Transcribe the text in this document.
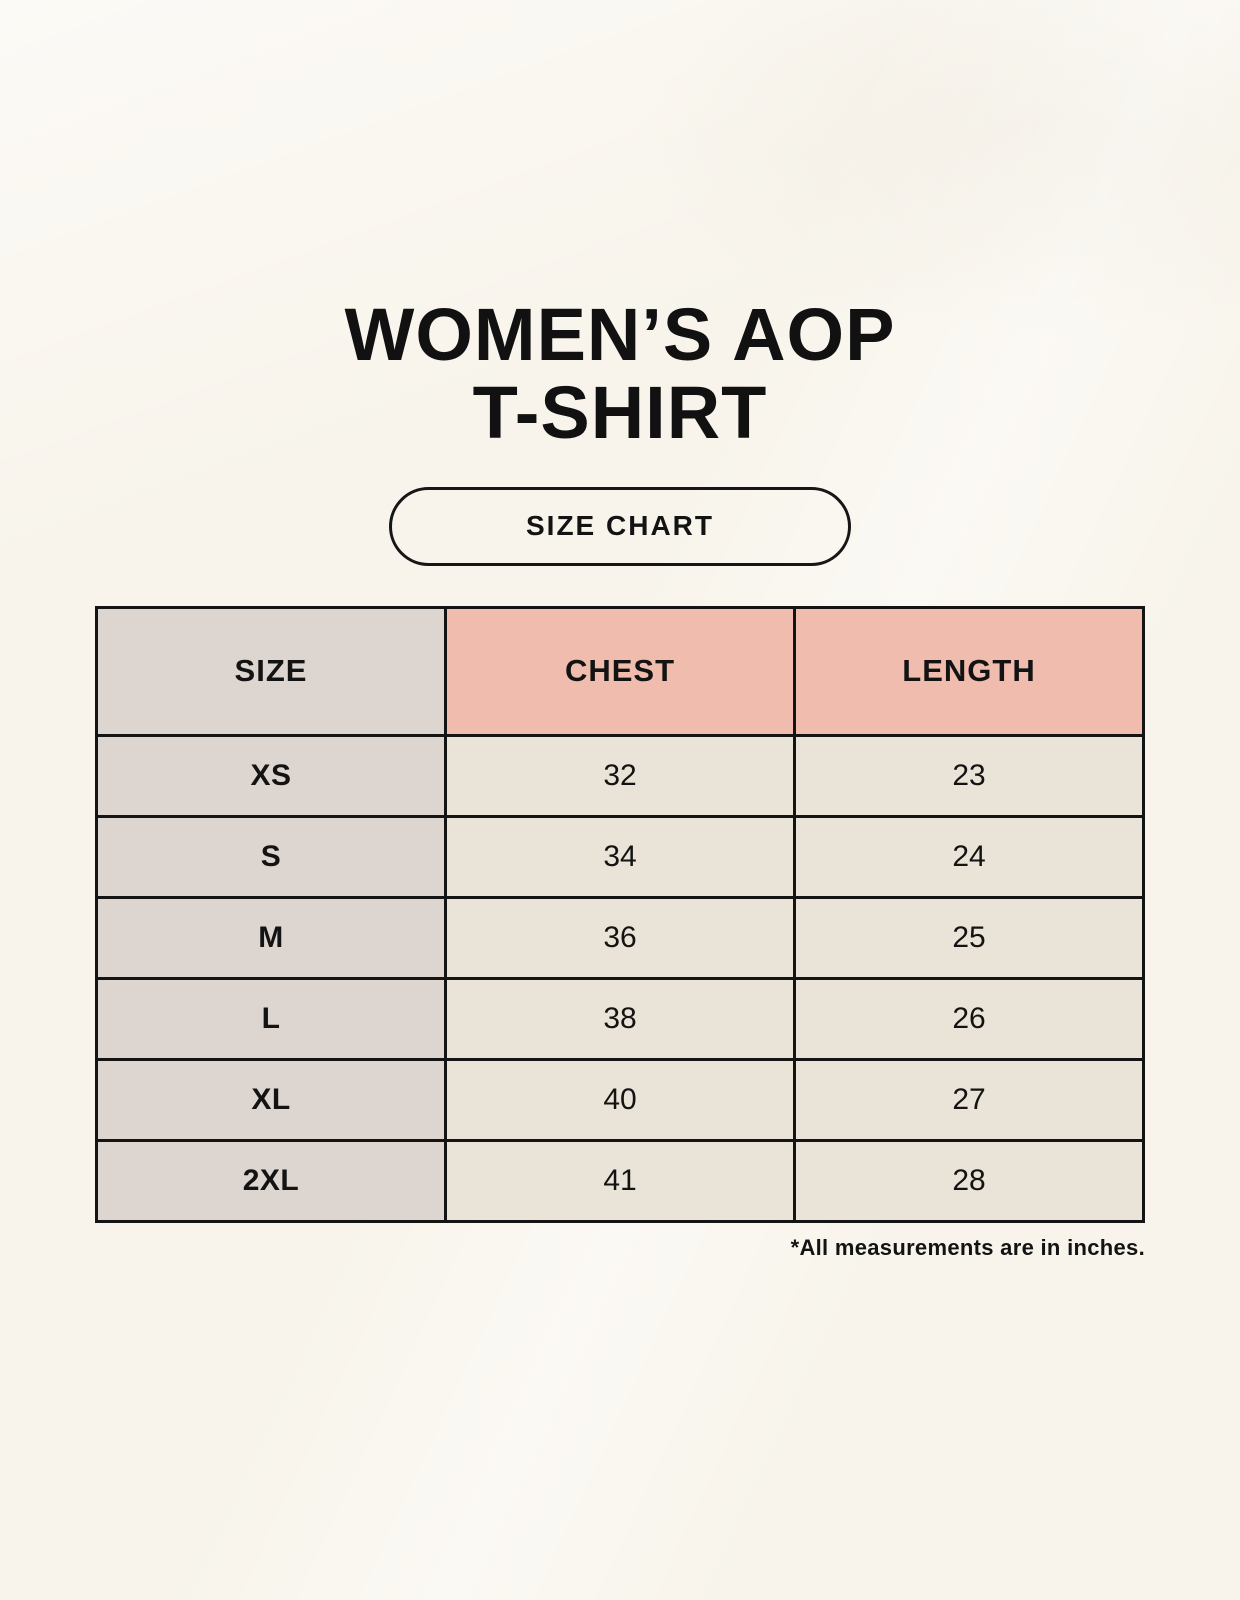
WOMEN’S AOP
T-SHIRT
SIZE CHART
SIZE	CHEST	LENGTH
XS	32	23
S	34	24
M	36	25
L	38	26
XL	40	27
2XL	41	28
*All measurements are in inches.
